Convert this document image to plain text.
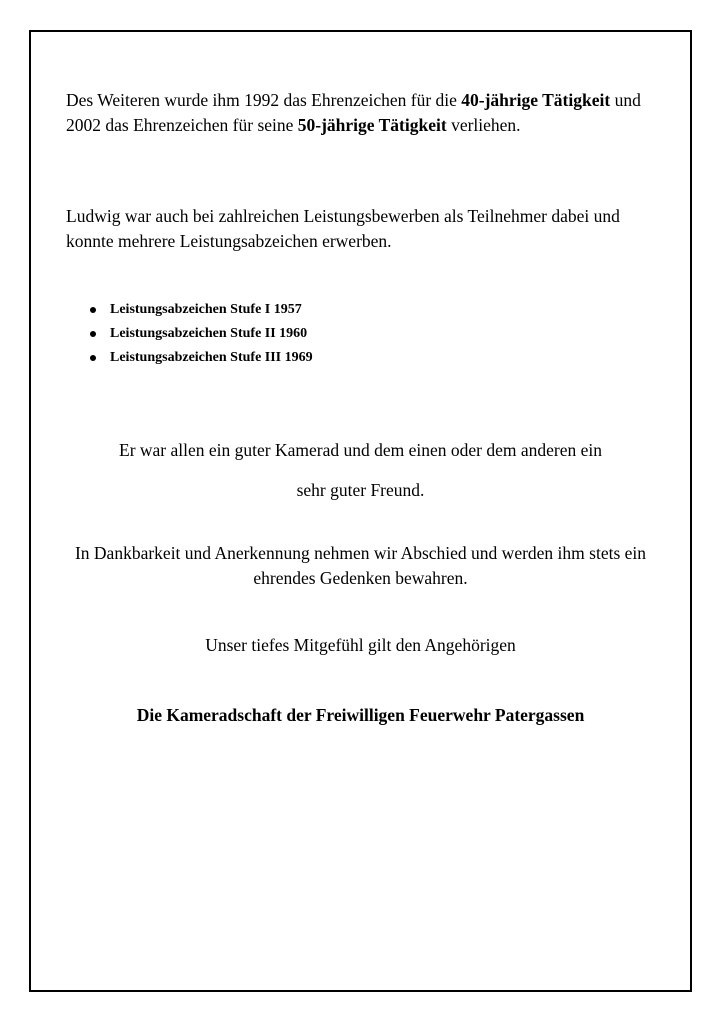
Des Weiteren wurde ihm 1992 das Ehrenzeichen für die 40-jährige Tätigkeit und 2002 das Ehrenzeichen für seine 50-jährige Tätigkeit verliehen.

Ludwig war auch bei zahlreichen Leistungsbewerben als Teilnehmer dabei und konnte mehrere Leistungsabzeichen erwerben.

Leistungsabzeichen Stufe I 1957
Leistungsabzeichen Stufe II 1960
Leistungsabzeichen Stufe III 1969

Er war allen ein guter Kamerad und dem einen oder dem anderen ein

sehr guter Freund.

In Dankbarkeit und Anerkennung nehmen wir Abschied und werden ihm stets ein ehrendes Gedenken bewahren.

Unser tiefes Mitgefühl gilt den Angehörigen

Die Kameradschaft der Freiwilligen Feuerwehr Patergassen
